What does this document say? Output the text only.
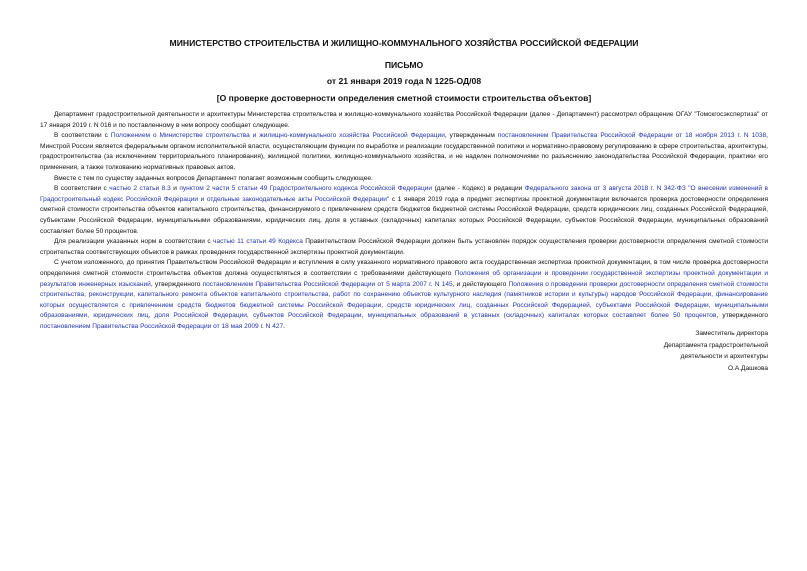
МИНИСТЕРСТВО СТРОИТЕЛЬСТВА И ЖИЛИЩНО-КОММУНАЛЬНОГО ХОЗЯЙСТВА РОССИЙСКОЙ ФЕДЕРАЦИИ
ПИСЬМО
от 21 января 2019 года N 1225-ОД/08
[О проверке достоверности определения сметной стоимости строительства объектов]

Департамент градостроительной деятельности и архитектуры Министерства строительства и жилищно-коммунального хозяйства Российской Федерации (далее - Департамент) рассмотрел обращение ОГАУ "Томскгосэкспертиза" от 17 января 2019 г. N 016 и по поставленному в нем вопросу сообщает следующее.

В соответствии с Положением о Министерстве строительства и жилищно-коммунального хозяйства Российской Федерации, утвержденным постановлением Правительства Российской Федерации от 18 ноября 2013 г. N 1038, Минстрой России является федеральным органом исполнительной власти, осуществляющим функции по выработке и реализации государственной политики и нормативно-правовому регулированию в сфере строительства, архитектуры, градостроительства (за исключением территориального планирования), жилищной политики, жилищно-коммунального хозяйства, и не наделен полномочиями по разъяснению законодательства Российской Федерации, практики его применения, а также толкованию нормативных правовых актов.

Вместе с тем по существу заданных вопросов Департамент полагает возможным сообщить следующее.

В соответствии с частью 2 статьи 8.3 и пунктом 2 части 5 статьи 49 Градостроительного кодекса Российской Федерации (далее - Кодекс) в редакции Федерального закона от 3 августа 2018 г. N 342-ФЗ "О внесении изменений в Градостроительный кодекс Российской Федерации и отдельные законодательные акты Российской Федерации" с 1 января 2019 года в предмет экспертизы проектной документации включается проверка достоверности определения сметной стоимости строительства объектов капитального строительства, финансируемого с привлечением средств бюджетов бюджетной системы Российской Федерации, средств юридических лиц, созданных Российской Федерацией, субъектами Российской Федерации, муниципальными образованиями, юридических лиц, доля в уставных (складочных) капиталах которых Российской Федерации, субъектов Российской Федерации, муниципальных образований составляет более 50 процентов.

Для реализации указанных норм в соответствии с частью 11 статьи 49 Кодекса Правительством Российской Федерации должен быть установлен порядок осуществления проверки достоверности определения сметной стоимости строительства соответствующих объектов в рамках проведения государственной экспертизы проектной документации.

С учетом изложенного, до принятия Правительством Российской Федерации и вступления в силу указанного нормативного правового акта государственная экспертиза проектной документации, в том числе проверка достоверности определения сметной стоимости строительства объектов должна осуществляться в соответствии с требованиями действующего Положения об организации и проведении государственной экспертизы проектной документации и результатов инженерных изысканий, утвержденного постановлением Правительства Российской Федерации от 5 марта 2007 г. N 145, и действующего Положения о проведении проверки достоверности определения сметной стоимости строительства, реконструкции, капитального ремонта объектов капитального строительства, работ по сохранению объектов культурного наследия (памятников истории и культуры) народов Российской Федерации, финансирование которых осуществляется с привлечением средств бюджетов бюджетной системы Российской Федерации, средств юридических лиц, созданных Российской Федерацией, субъектами Российской Федерации, муниципальными образованиями, юридических лиц, доля Российской Федерации, субъектов Российской Федерации, муниципальных образований в уставных (складочных) капиталах которых составляет более 50 процентов, утвержденного постановлением Правительства Российской Федерации от 18 мая 2009 г. N 427.

Заместитель директора
Департамента градостроительной
деятельности и архитектуры
О.А.Дашкова
